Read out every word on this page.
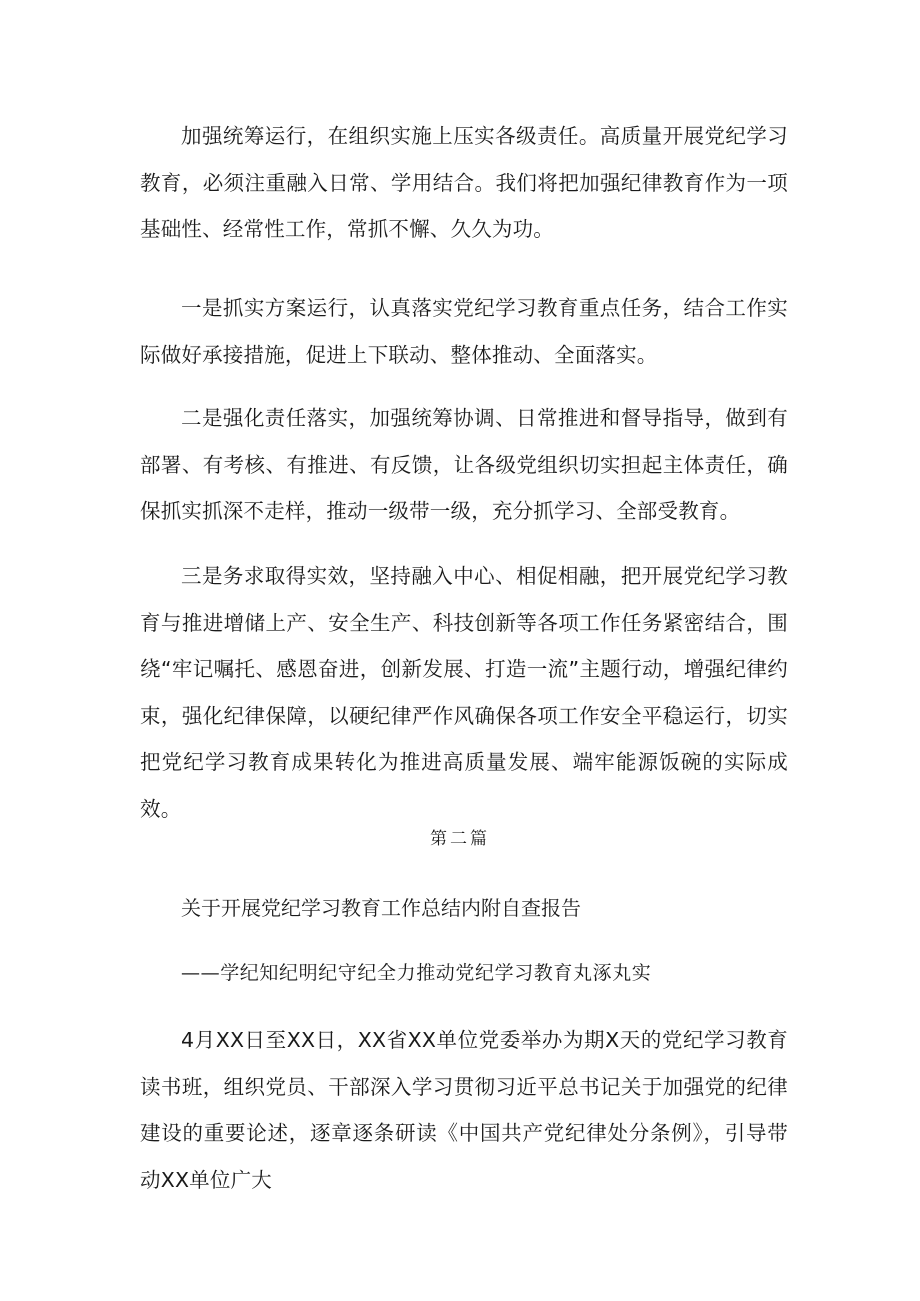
加强统筹运行，在组织实施上压实各级责任。高质量开展党纪学习教育，必须注重融入日常、学用结合。我们将把加强纪律教育作为一项基础性、经常性工作，常抓不懈、久久为功。

一是抓实方案运行，认真落实党纪学习教育重点任务，结合工作实际做好承接措施，促进上下联动、整体推动、全面落实。

二是强化责任落实，加强统筹协调、日常推进和督导指导，做到有部署、有考核、有推进、有反馈，让各级党组织切实担起主体责任，确保抓实抓深不走样，推动一级带一级，充分抓学习、全部受教育。

三是务求取得实效，坚持融入中心、相促相融，把开展党纪学习教育与推进增储上产、安全生产、科技创新等各项工作任务紧密结合，围绕“牢记嘱托、感恩奋进，创新发展、打造一流”主题行动，增强纪律约束，强化纪律保障，以硬纪律严作风确保各项工作安全平稳运行，切实把党纪学习教育成果转化为推进高质量发展、端牢能源饭碗的实际成效。

第二篇
关于开展党纪学习教育工作总结内附自查报告
——学纪知纪明纪守纪全力推动党纪学习教育丸涿丸实

4月XX日至XX日，XX省XX单位党委举办为期X天的党纪学习教育读书班，组织党员、干部深入学习贯彻习近平总书记关于加强党的纪律建设的重要论述，逐章逐条研读《中国共产党纪律处分条例》，引导带动XX单位广大
